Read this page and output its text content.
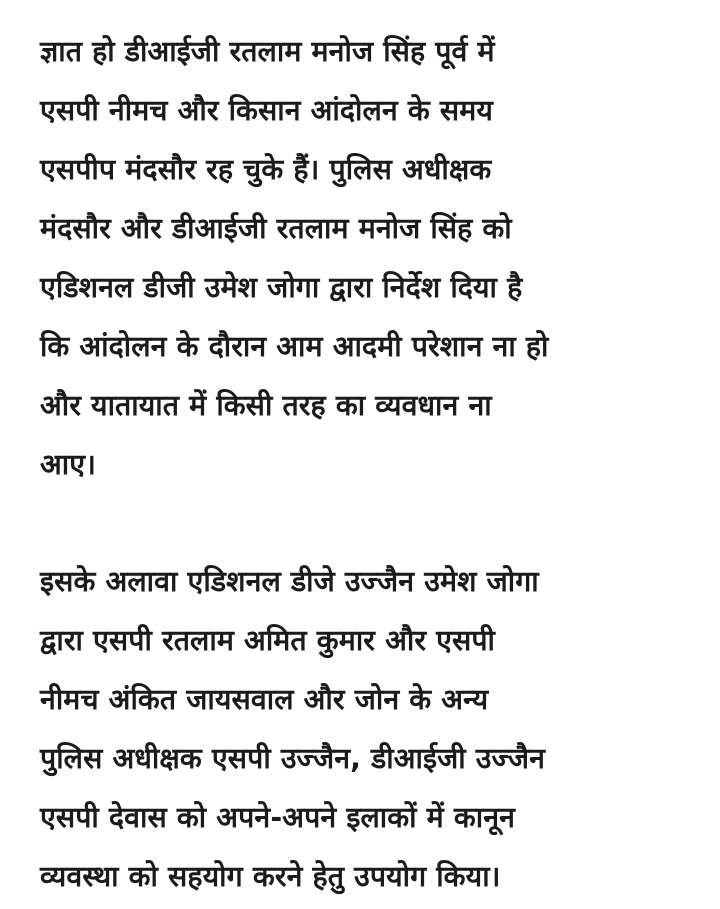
ज्ञात हो डीआईजी रतलाम मनोज सिंह पूर्व में
एसपी नीमच और किसान आंदोलन के समय
एसपीप मंदसौर रह चुके हैं। पुलिस अधीक्षक
मंदसौर और डीआईजी रतलाम मनोज सिंह को
एडिशनल डीजी उमेश जोगा द्वारा निर्देश दिया है
कि आंदोलन के दौरान आम आदमी परेशान ना हो
और यातायात में किसी तरह का व्यवधान ना
आए।

इसके अलावा एडिशनल डीजे उज्जैन उमेश जोगा
द्वारा एसपी रतलाम अमित कुमार और एसपी
नीमच अंकित जायसवाल और जोन के अन्य
पुलिस अधीक्षक एसपी उज्जैन, डीआईजी उज्जैन
एसपी देवास को अपने-अपने इलाकों में कानून
व्यवस्था को सहयोग करने हेतु उपयोग किया।
